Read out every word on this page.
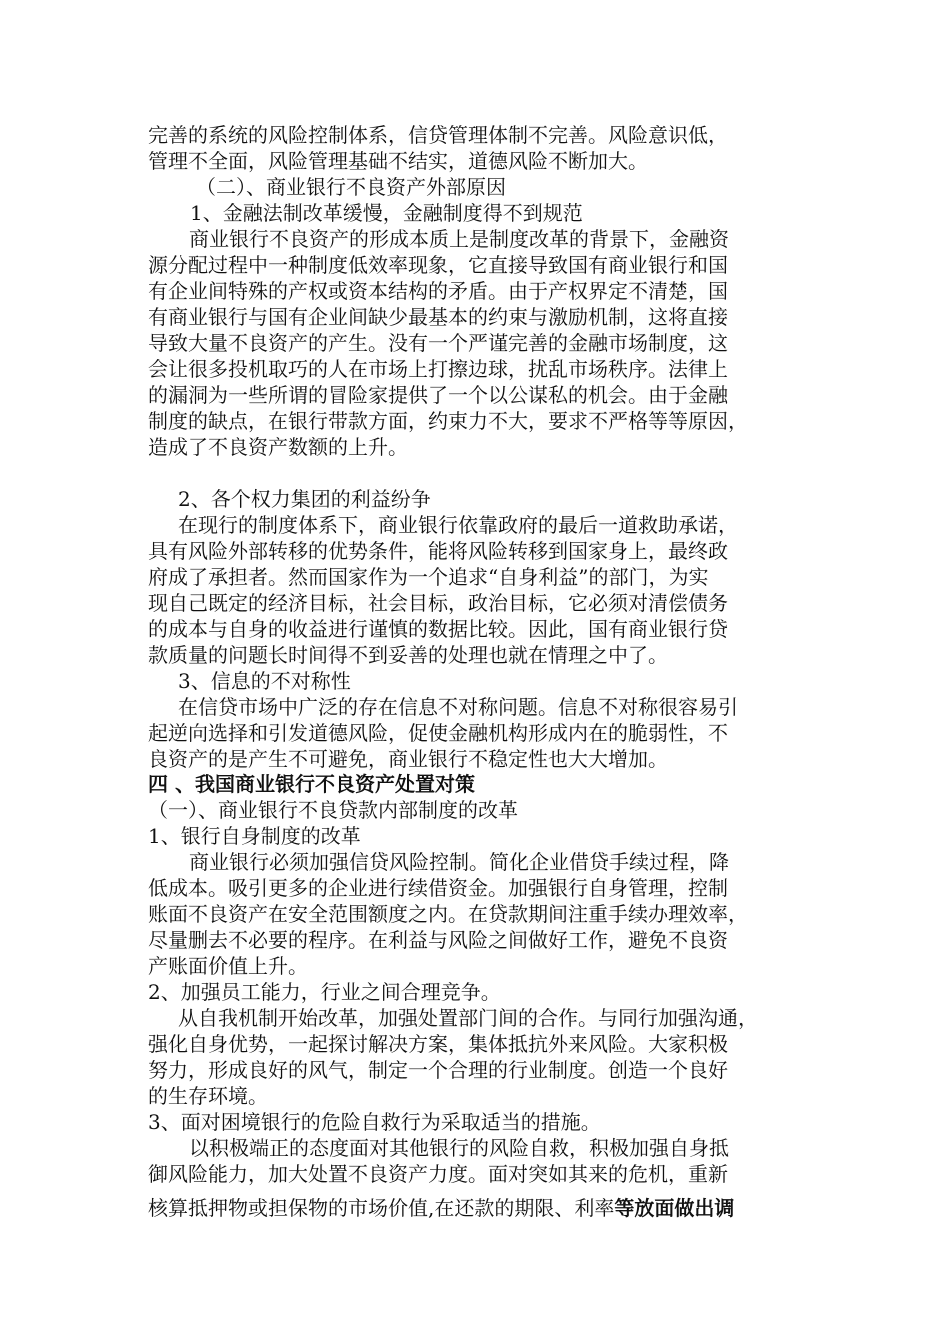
完善的系统的风险控制体系，信贷管理体制不完善。风险意识低，
管理不全面，风险管理基础不结实，道德风险不断加大。
（二）、商业银行不良资产外部原因
1、金融法制改革缓慢，金融制度得不到规范
商业银行不良资产的形成本质上是制度改革的背景下，金融资
源分配过程中一种制度低效率现象，它直接导致国有商业银行和国
有企业间特殊的产权或资本结构的矛盾。由于产权界定不清楚，国
有商业银行与国有企业间缺少最基本的约束与激励机制，这将直接
导致大量不良资产的产生。没有一个严谨完善的金融市场制度，这
会让很多投机取巧的人在市场上打擦边球，扰乱市场秩序。法律上
的漏洞为一些所谓的冒险家提供了一个以公谋私的机会。由于金融
制度的缺点，在银行带款方面，约束力不大，要求不严格等等原因，
造成了不良资产数额的上升。
2、各个权力集团的利益纷争
在现行的制度体系下，商业银行依靠政府的最后一道救助承诺，
具有风险外部转移的优势条件，能将风险转移到国家身上，最终政
府成了承担者。然而国家作为一个追求“自身利益”的部门，为实
现自己既定的经济目标，社会目标，政治目标，它必须对清偿债务
的成本与自身的收益进行谨慎的数据比较。因此，国有商业银行贷
款质量的问题长时间得不到妥善的处理也就在情理之中了。
3、信息的不对称性
在信贷市场中广泛的存在信息不对称问题。信息不对称很容易引
起逆向选择和引发道德风险，促使金融机构形成内在的脆弱性，不
良资产的是产生不可避免，商业银行不稳定性也大大增加。
四 、我国商业银行不良资产处置对策
（一）、商业银行不良贷款内部制度的改革
1、银行自身制度的改革
商业银行必须加强信贷风险控制。简化企业借贷手续过程，降
低成本。吸引更多的企业进行续借资金。加强银行自身管理，控制
账面不良资产在安全范围额度之内。在贷款期间注重手续办理效率，
尽量删去不必要的程序。在利益与风险之间做好工作，避免不良资
产账面价值上升。
2、加强员工能力，行业之间合理竞争。
从自我机制开始改革，加强处置部门间的合作。与同行加强沟通，
强化自身优势，一起探讨解决方案，集体抵抗外来风险。大家积极
努力，形成良好的风气，制定一个合理的行业制度。创造一个良好
的生存环境。
3、面对困境银行的危险自救行为采取适当的措施。
以积极端正的态度面对其他银行的风险自救，积极加强自身抵
御风险能力，加大处置不良资产力度。面对突如其来的危机，重新
核算抵押物或担保物的市场价值,在还款的期限、利率等放面做出调
